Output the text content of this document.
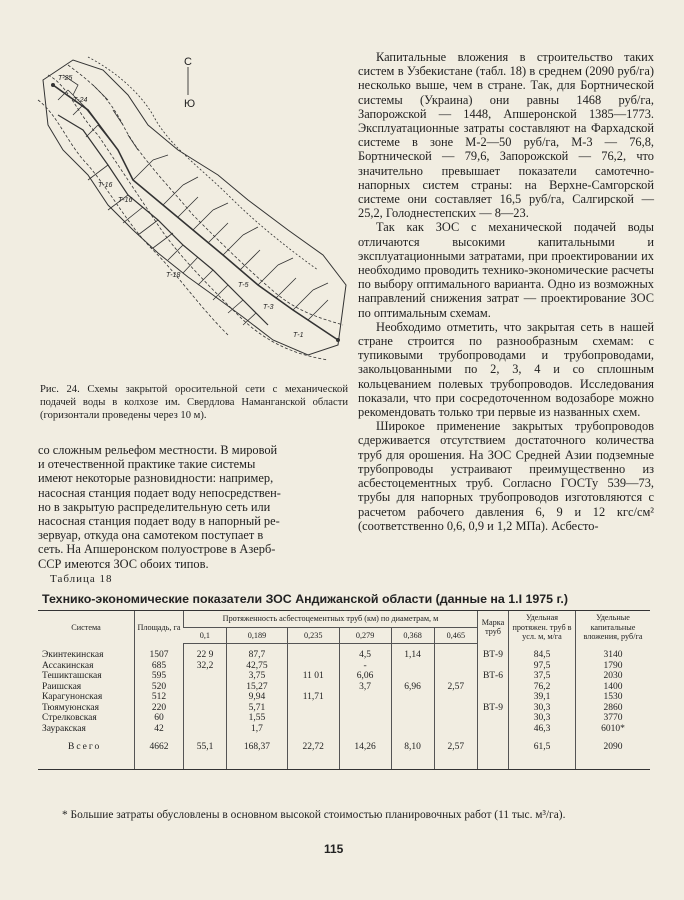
С
Ю
Т-25
Т-24
Т-16
Т-16
Т-18
Т-1
Т-3
Т-5
Рис. 24. Схемы закрытой оросительной сети с механической подачей воды в колхозе им. Свердлова Наманганской области (горизонтали проведены через 10 м).
со сложным рельефом местности. В мировой
и отечественной практике такие системы
имеют некоторые разновидности: например,
насосная станция подает воду непосредствен-
но в закрытую распределительную сеть или
насосная станция подает воду в напорный ре-
зервуар, откуда она самотеком поступает в
сеть. На Апшеронском полуострове в Азерб-
ССР имеются ЗОС обоих типов.
Таблица 18

Капитальные вложения в строительство таких систем в Узбекистане (табл. 18) в среднем (2090 руб/га) несколько выше, чем в стране. Так, для Бортнической системы (Украина) они равны 1468 руб/га, Запорожской — 1448, Апшеронской 1385—1773. Эксплуатационные затраты составляют на Фархадской системе в зоне М-2—50 руб/га, М-3 — 76,8, Бортнической — 79,6, Запорожской — 76,2, что значительно превышает показатели самотечно-напорных систем страны: на Верхне-Самгорской системе они составляет 16,5 руб/га, Салгирской — 25,2, Голоднестепских — 8—23.

Так как ЗОС с механической подачей воды отличаются высокими капитальными и эксплуатационными затратами, при проектировании их необходимо проводить технико-экономические расчеты по выбору оптимального варианта. Одно из возможных направлений снижения затрат — проектирование ЗОС по оптимальным схемам.

Необходимо отметить, что закрытая сеть в нашей стране строится по разнообразным схемам: с тупиковыми трубопроводами и трубопроводами, закольцованными по 2, 3, 4 и со сплошным кольцеванием полевых трубопроводов. Исследования показали, что при сосредоточенном водозаборе можно рекомендовать только три первые из названных схем.

Широкое применение закрытых трубопроводов сдерживается отсутствием достаточного количества труб для орошения. На ЗОС Средней Азии подземные трубопроводы устраивают преимущественно из асбестоцементных труб. Согласно ГОСТу 539—73, трубы для напорных трубопроводов изготовляются с расчетом рабочего давления 6, 9 и 12 кгс/см² (соответственно 0,6, 0,9 и 1,2 МПа). Асбесто-

Технико-экономические показатели ЗОС Андижанской области (данные на 1.I 1975 г.)
Система	Площадь, га	Протяженность асбестоцементных труб (км) по диаметрам, м						Марка труб	Удельная протяжен. труб в усл. м, м/га	Удельные капитальные вложения, руб/га
		0,1	0,189	0,235	0,279	0,368	0,465			
Экинтекинская	1507	22 9	87,7		4,5	1,14		ВТ-9	84,5	3140
Ассакинская	685	32,2	42,75		-				97,5	1790
Тешикташская	595		3,75	11 01	6,06			ВТ-6	37,5	2030
Раишская	520		15,27		3,7	6,96	2,57		76,2	1400
Карагунонская	512		9,94	11,71					39,1	1530
Тюямуюнская	220		5,71					ВТ-9	30,3	2860
Стрелковская	60		1,55						30,3	3770
Зауракская	42		1,7						46,3	6010*
Всего	4662	55,1	168,37	22,72	14,26	8,10	2,57		61,5	2090
* Большие затраты обусловлены в основном высокой стоимостью планировочных работ (11 тыс. м³/га).
115
